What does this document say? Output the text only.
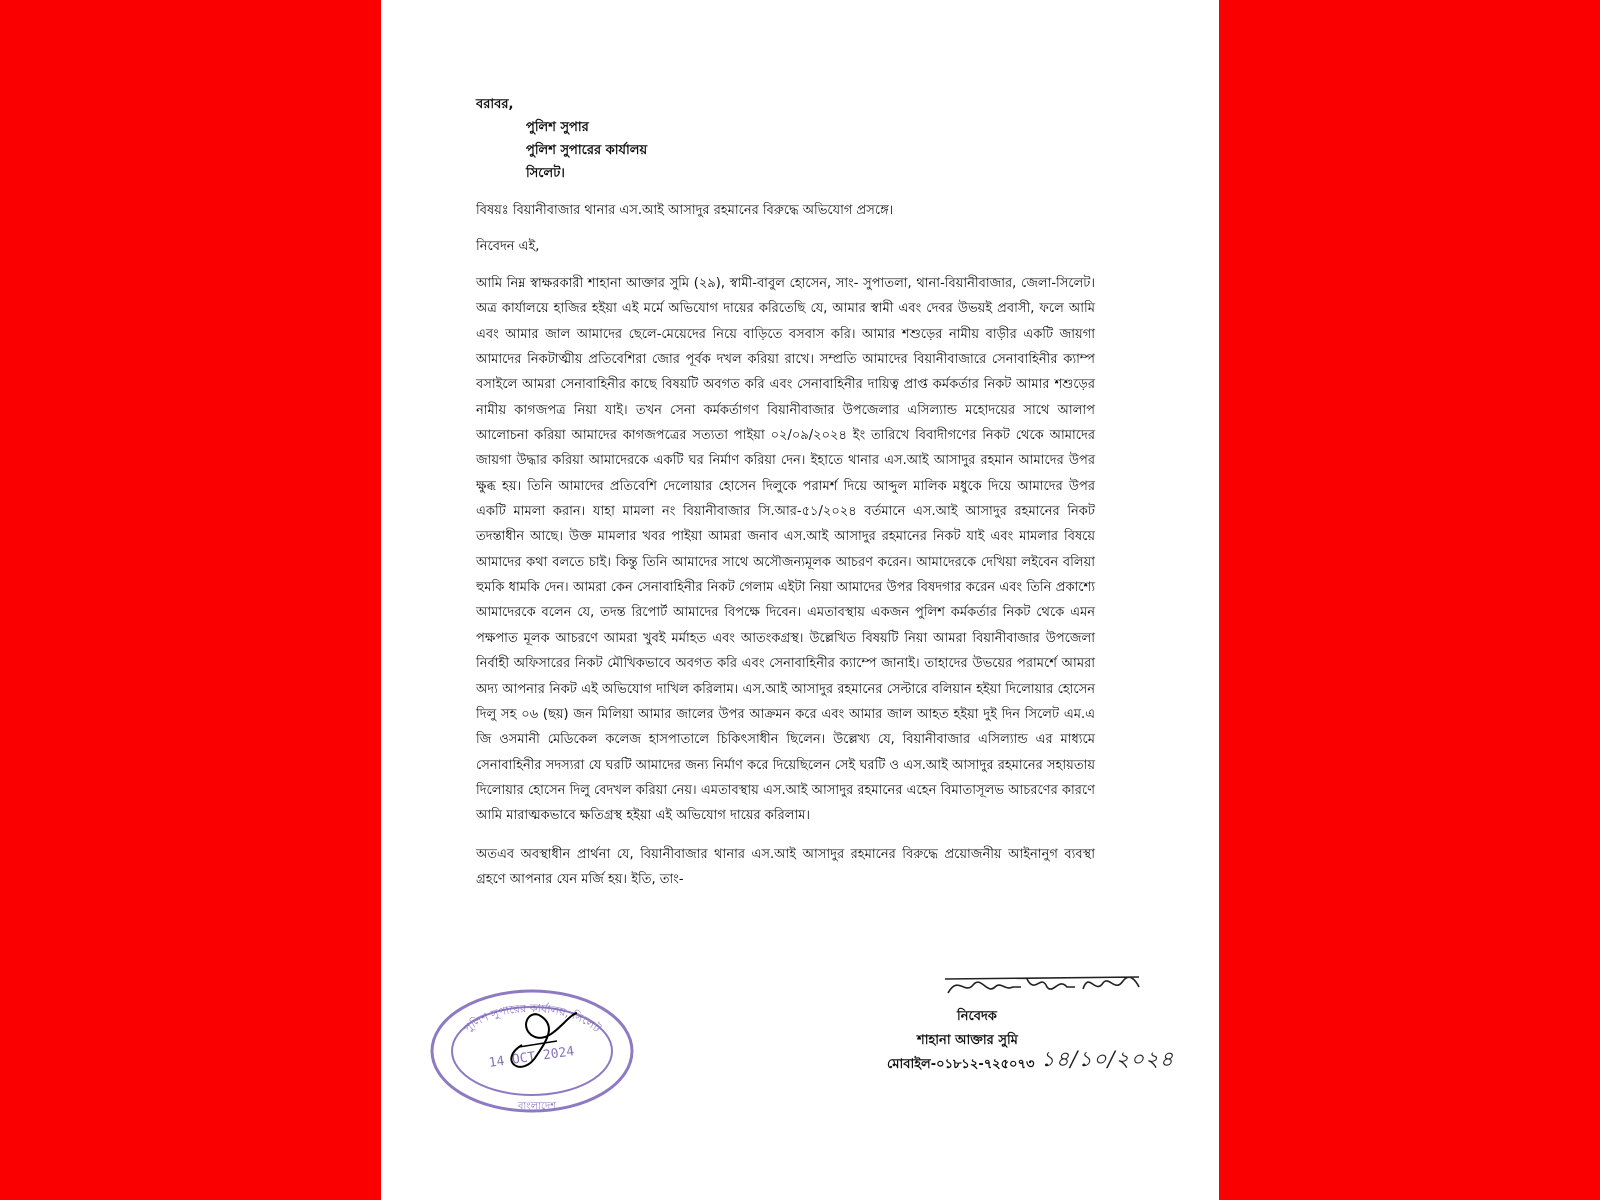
বরাবর,

পুলিশ সুপার

পুলিশ সুপারের কার্যালয়

সিলেট।

বিষয়ঃ বিয়ানীবাজার থানার এস.আই আসাদুর রহমানের বিরুদ্ধে অভিযোগ প্রসঙ্গে।

নিবেদন এই,

আমি নিম্ন স্বাক্ষরকারী শাহানা আক্তার সুমি (২৯), স্বামী-বাবুল হোসেন, সাং- সুপাতলা, থানা-বিয়ানীবাজার, জেলা-সিলেট। অত্র কার্যালয়ে হাজির হইয়া এই মর্মে অভিযোগ দায়ের করিতেছি যে, আমার স্বামী এবং দেবর উভয়ই প্রবাসী, ফলে আমি এবং আমার জাল আমাদের ছেলে-মেয়েদের নিয়ে বাড়িতে বসবাস করি। আমার শশুড়ের নামীয় বাড়ীর একটি জায়গা আমাদের নিকটাত্মীয় প্রতিবেশিরা জোর পূর্বক দখল করিয়া রাখে। সম্প্রতি আমাদের বিয়ানীবাজারে সেনাবাহিনীর ক্যাম্প বসাইলে আমরা সেনাবাহিনীর কাছে বিষয়টি অবগত করি এবং সেনাবাহিনীর দায়িত্ব প্রাপ্ত কর্মকর্তার নিকট আমার শশুড়ের নামীয় কাগজপত্র নিয়া যাই। তখন সেনা কর্মকর্তাগণ বিয়ানীবাজার উপজেলার এসিল্যান্ড মহোদয়ের সাথে আলাপ আলোচনা করিয়া আমাদের কাগজপত্রের সত্যতা পাইয়া ০২/০৯/২০২৪ ইং তারিখে বিবাদীগণের নিকট থেকে আমাদের জায়গা উদ্ধার করিয়া আমাদেরকে একটি ঘর নির্মাণ করিয়া দেন। ইহাতে থানার এস.আই আসাদুর রহমান আমাদের উপর ক্ষুব্ধ হয়। তিনি আমাদের প্রতিবেশি দেলোয়ার হোসেন দিলুকে পরামর্শ দিয়ে আব্দুল মালিক মধুকে দিয়ে আমাদের উপর একটি মামলা করান। যাহা মামলা নং বিয়ানীবাজার সি.আর-৫১/২০২৪ বর্তমানে এস.আই আসাদুর রহমানের নিকট তদন্তাধীন আছে। উক্ত মামলার খবর পাইয়া আমরা জনাব এস.আই আসাদুর রহমানের নিকট যাই এবং মামলার বিষয়ে আমাদের কথা বলতে চাই। কিন্তু তিনি আমাদের সাথে অসৌজন্যমূলক আচরণ করেন। আমাদেরকে দেখিয়া লইবেন বলিয়া হুমকি ধামকি দেন। আমরা কেন সেনাবাহিনীর নিকট গেলাম এইটা নিয়া আমাদের উপর বিষদগার করেন এবং তিনি প্রকাশ্যে আমাদেরকে বলেন যে, তদন্ত রিপোর্ট আমাদের বিপক্ষে দিবেন। এমতাবস্থায় একজন পুলিশ কর্মকর্তার নিকট থেকে এমন পক্ষপাত মূলক আচরণে আমরা খুবই মর্মাহত এবং আতংকগ্রস্থ। উল্লেখিত বিষয়টি নিয়া আমরা বিয়ানীবাজার উপজেলা নির্বাহী অফিসারের নিকট মৌখিকভাবে অবগত করি এবং সেনাবাহিনীর ক্যাম্পে জানাই। তাহাদের উভয়ের পরামর্শে আমরা অদ্য আপনার নিকট এই অভিযোগ দাখিল করিলাম। এস.আই আসাদুর রহমানের সেল্টারে বলিয়ান হইয়া দিলোয়ার হোসেন দিলু সহ ০৬ (ছয়) জন মিলিয়া আমার জালের উপর আক্রমন করে এবং আমার জাল আহত হইয়া দুই দিন সিলেট এম.এ জি ওসমানী মেডিকেল কলেজ হাসপাতালে চিকিৎসাধীন ছিলেন। উল্লেখ্য যে, বিয়ানীবাজার এসিল্যান্ড এর মাধ্যমে সেনাবাহিনীর সদস্যরা যে ঘরটি আমাদের জন্য নির্মাণ করে দিয়েছিলেন সেই ঘরটি ও এস.আই আসাদুর রহমানের সহায়তায় দিলোয়ার হোসেন দিলু বেদখল করিয়া নেয়। এমতাবস্থায় এস.আই আসাদুর রহমানের এহেন বিমাতাসূলভ আচরণের কারণে আমি মারাত্মকভাবে ক্ষতিগ্রস্থ হইয়া এই অভিযোগ দায়ের করিলাম।

অতএব অবস্থাধীন প্রার্থনা যে, বিয়ানীবাজার থানার এস.আই আসাদুর রহমানের বিরুদ্ধে প্রয়োজনীয় আইনানুগ ব্যবস্থা গ্রহণে আপনার যেন মর্জি হয়। ইতি, তাং-

পুলিশ সুপারের কার্যালয়, সিলেট
14 OCT 2024
বাংলাদেশ
নিবেদক
শাহানা আক্তার সুমি
মোবাইল-০১৮১২-৭২৫০৭৩ ১৪/১০/২০২৪
